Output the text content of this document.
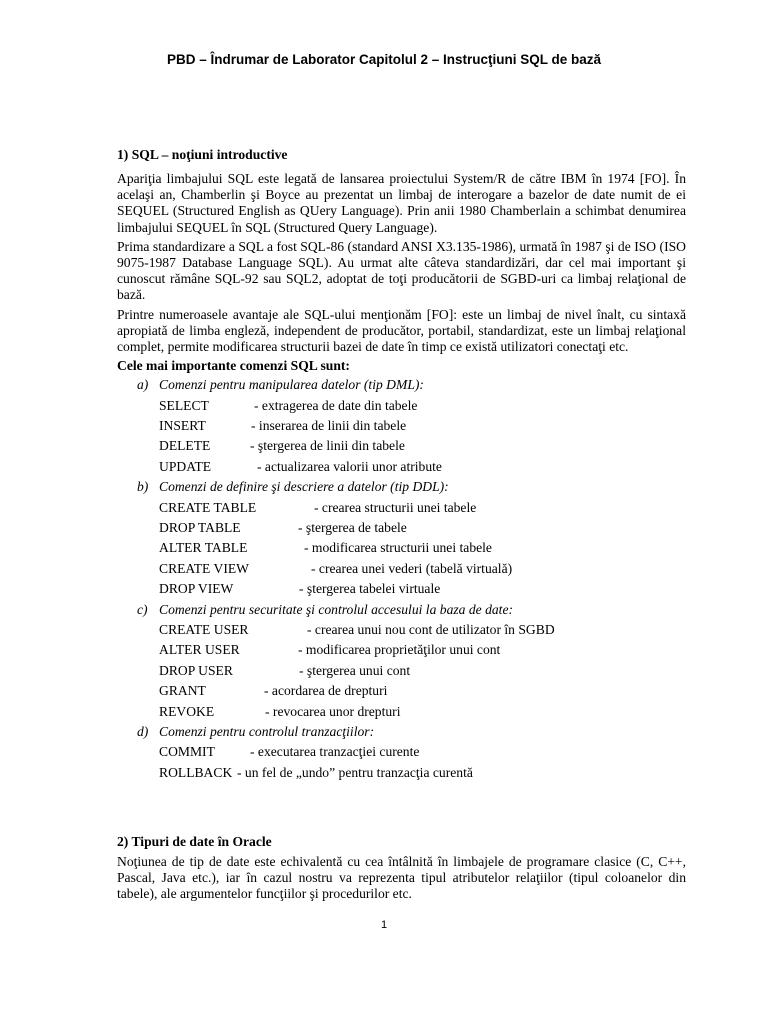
PBD – Îndrumar de Laborator Capitolul 2 – Instrucţiuni SQL de bază
1) SQL – noţiuni introductive

Apariţia limbajului SQL este legată de lansarea proiectului System/R de către IBM în 1974 [FO]. În acelaşi an, Chamberlin şi Boyce au prezentat un limbaj de interogare a bazelor de date numit de ei SEQUEL (Structured English as QUery Language). Prin anii 1980 Chamberlain a schimbat denumirea limbajului SEQUEL în SQL (Structured Query Language).

Prima standardizare a SQL a fost SQL-86 (standard ANSI X3.135-1986), urmată în 1987 şi de ISO (ISO 9075-1987 Database Language SQL). Au urmat alte câteva standardizări, dar cel mai important şi cunoscut rămâne SQL-92 sau SQL2, adoptat de toţi producătorii de SGBD-uri ca limbaj relaţional de bază.

Printre numeroasele avantaje ale SQL-ului menţionăm [FO]: este un limbaj de nivel înalt, cu sintaxă apropiată de limba engleză, independent de producător, portabil, standardizat, este un limbaj relaţional complet, permite modificarea structurii bazei de date în timp ce există utilizatori conectaţi etc.

Cele mai importante comenzi SQL sunt:
a) Comenzi pentru manipularea datelor (tip DML):
SELECT	- extragerea de date din tabele
INSERT	- inserarea de linii din tabele
DELETE	- ştergerea de linii din tabele
UPDATE	- actualizarea valorii unor atribute
b) Comenzi de definire şi descriere a datelor (tip DDL):
CREATE TABLE	- crearea structurii unei tabele
DROP TABLE	- ştergerea de tabele
ALTER TABLE	- modificarea structurii unei tabele
CREATE VIEW	- crearea unei vederi (tabelă virtuală)
DROP VIEW	- ştergerea tabelei virtuale
c) Comenzi pentru securitate şi controlul accesului la baza de date:
CREATE USER	- crearea unui nou cont de utilizator în SGBD
ALTER USER	- modificarea proprietăţilor unui cont
DROP USER	- ştergerea unui cont
GRANT	- acordarea de drepturi
REVOKE	- revocarea unor drepturi
d) Comenzi pentru controlul tranzacţiilor:
COMMIT	- executarea tranzacţiei curente
ROLLBACK - un fel de „undo” pentru tranzacţia curentă
2) Tipuri de date în Oracle

Noţiunea de tip de date este echivalentă cu cea întâlnită în limbajele de programare clasice (C, C++, Pascal, Java etc.), iar în cazul nostru va reprezenta tipul atributelor relaţiilor (tipul coloanelor din tabele), ale argumentelor funcţiilor şi procedurilor etc.

1
